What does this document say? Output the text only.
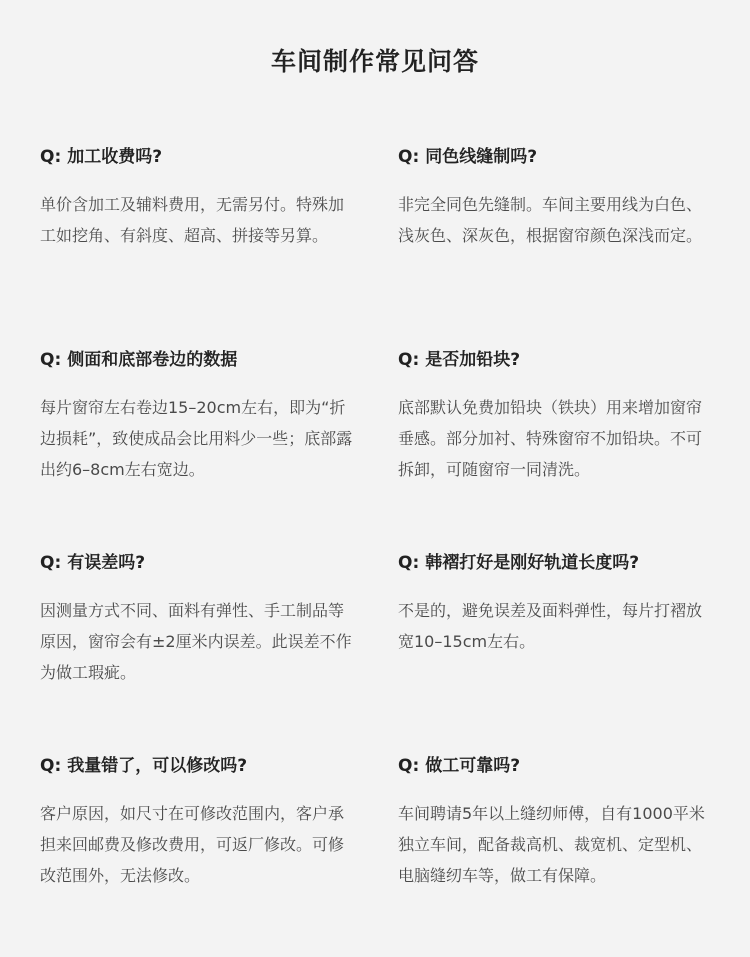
车间制作常见问答
Q: 加工收费吗?
单价含加工及辅料费用，无需另付。特殊加工如挖角、有斜度、超高、拼接等另算。
Q: 同色线缝制吗?
非完全同色先缝制。车间主要用线为白色、浅灰色、深灰色，根据窗帘颜色深浅而定。
Q: 侧面和底部卷边的数据
每片窗帘左右卷边15–20cm左右，即为“折边损耗”，致使成品会比用料少一些；底部露出约6–8cm左右宽边。
Q: 是否加铅块?
底部默认免费加铅块（铁块）用来增加窗帘垂感。部分加衬、特殊窗帘不加铅块。不可拆卸，可随窗帘一同清洗。
Q: 有误差吗?
因测量方式不同、面料有弹性、手工制品等原因，窗帘会有±2厘米内误差。此误差不作为做工瑕疵。
Q: 韩褶打好是刚好轨道长度吗?
不是的，避免误差及面料弹性，每片打褶放宽10–15cm左右。
Q: 我量错了，可以修改吗?
客户原因，如尺寸在可修改范围内，客户承担来回邮费及修改费用，可返厂修改。可修改范围外，无法修改。
Q: 做工可靠吗?
车间聘请5年以上缝纫师傅，自有1000平米独立车间，配备裁高机、裁宽机、定型机、电脑缝纫车等，做工有保障。
